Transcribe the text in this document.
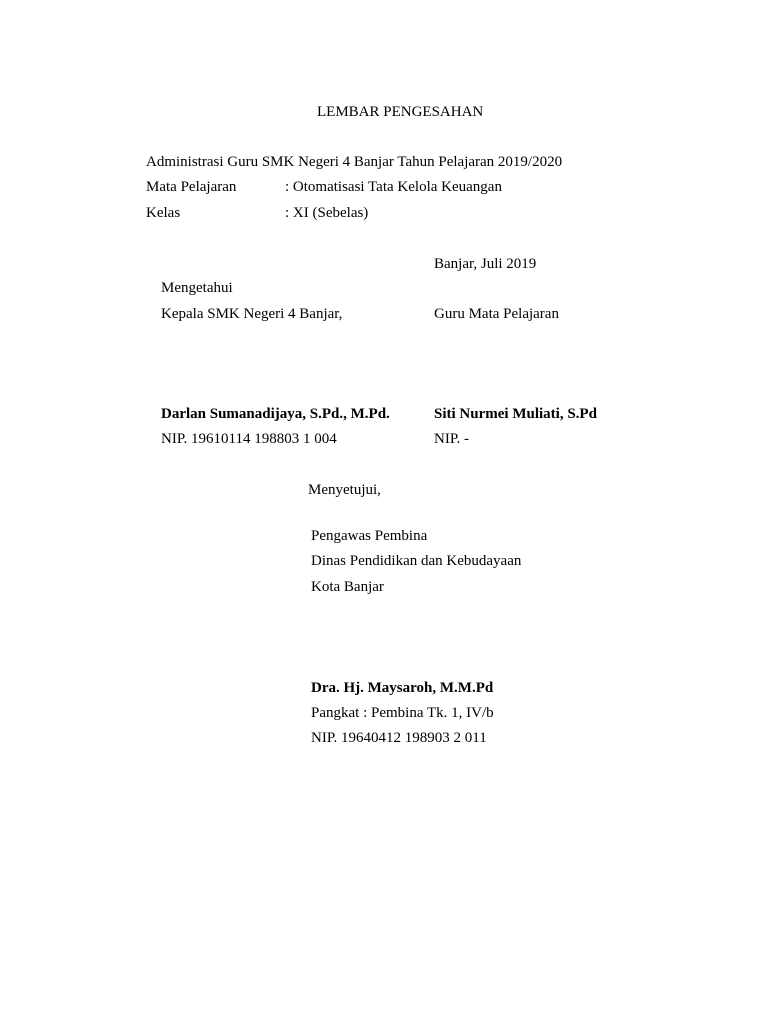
LEMBAR PENGESAHAN
Administrasi Guru SMK Negeri 4 Banjar Tahun Pelajaran 2019/2020
Mata Pelajaran	: Otomatisasi Tata Kelola Keuangan
Kelas	: XI (Sebelas)
Banjar, Juli 2019
Mengetahui
Kepala SMK Negeri 4 Banjar,	Guru Mata Pelajaran
Darlan Sumanadijaya, S.Pd., M.Pd.	Siti Nurmei Muliati, S.Pd
NIP. 19610114 198803 1 004	NIP. -
Menyetujui,
Pengawas Pembina
Dinas Pendidikan dan Kebudayaan
Kota Banjar
Dra. Hj. Maysaroh, M.M.Pd
Pangkat : Pembina Tk. 1, IV/b
NIP. 19640412 198903 2 011
